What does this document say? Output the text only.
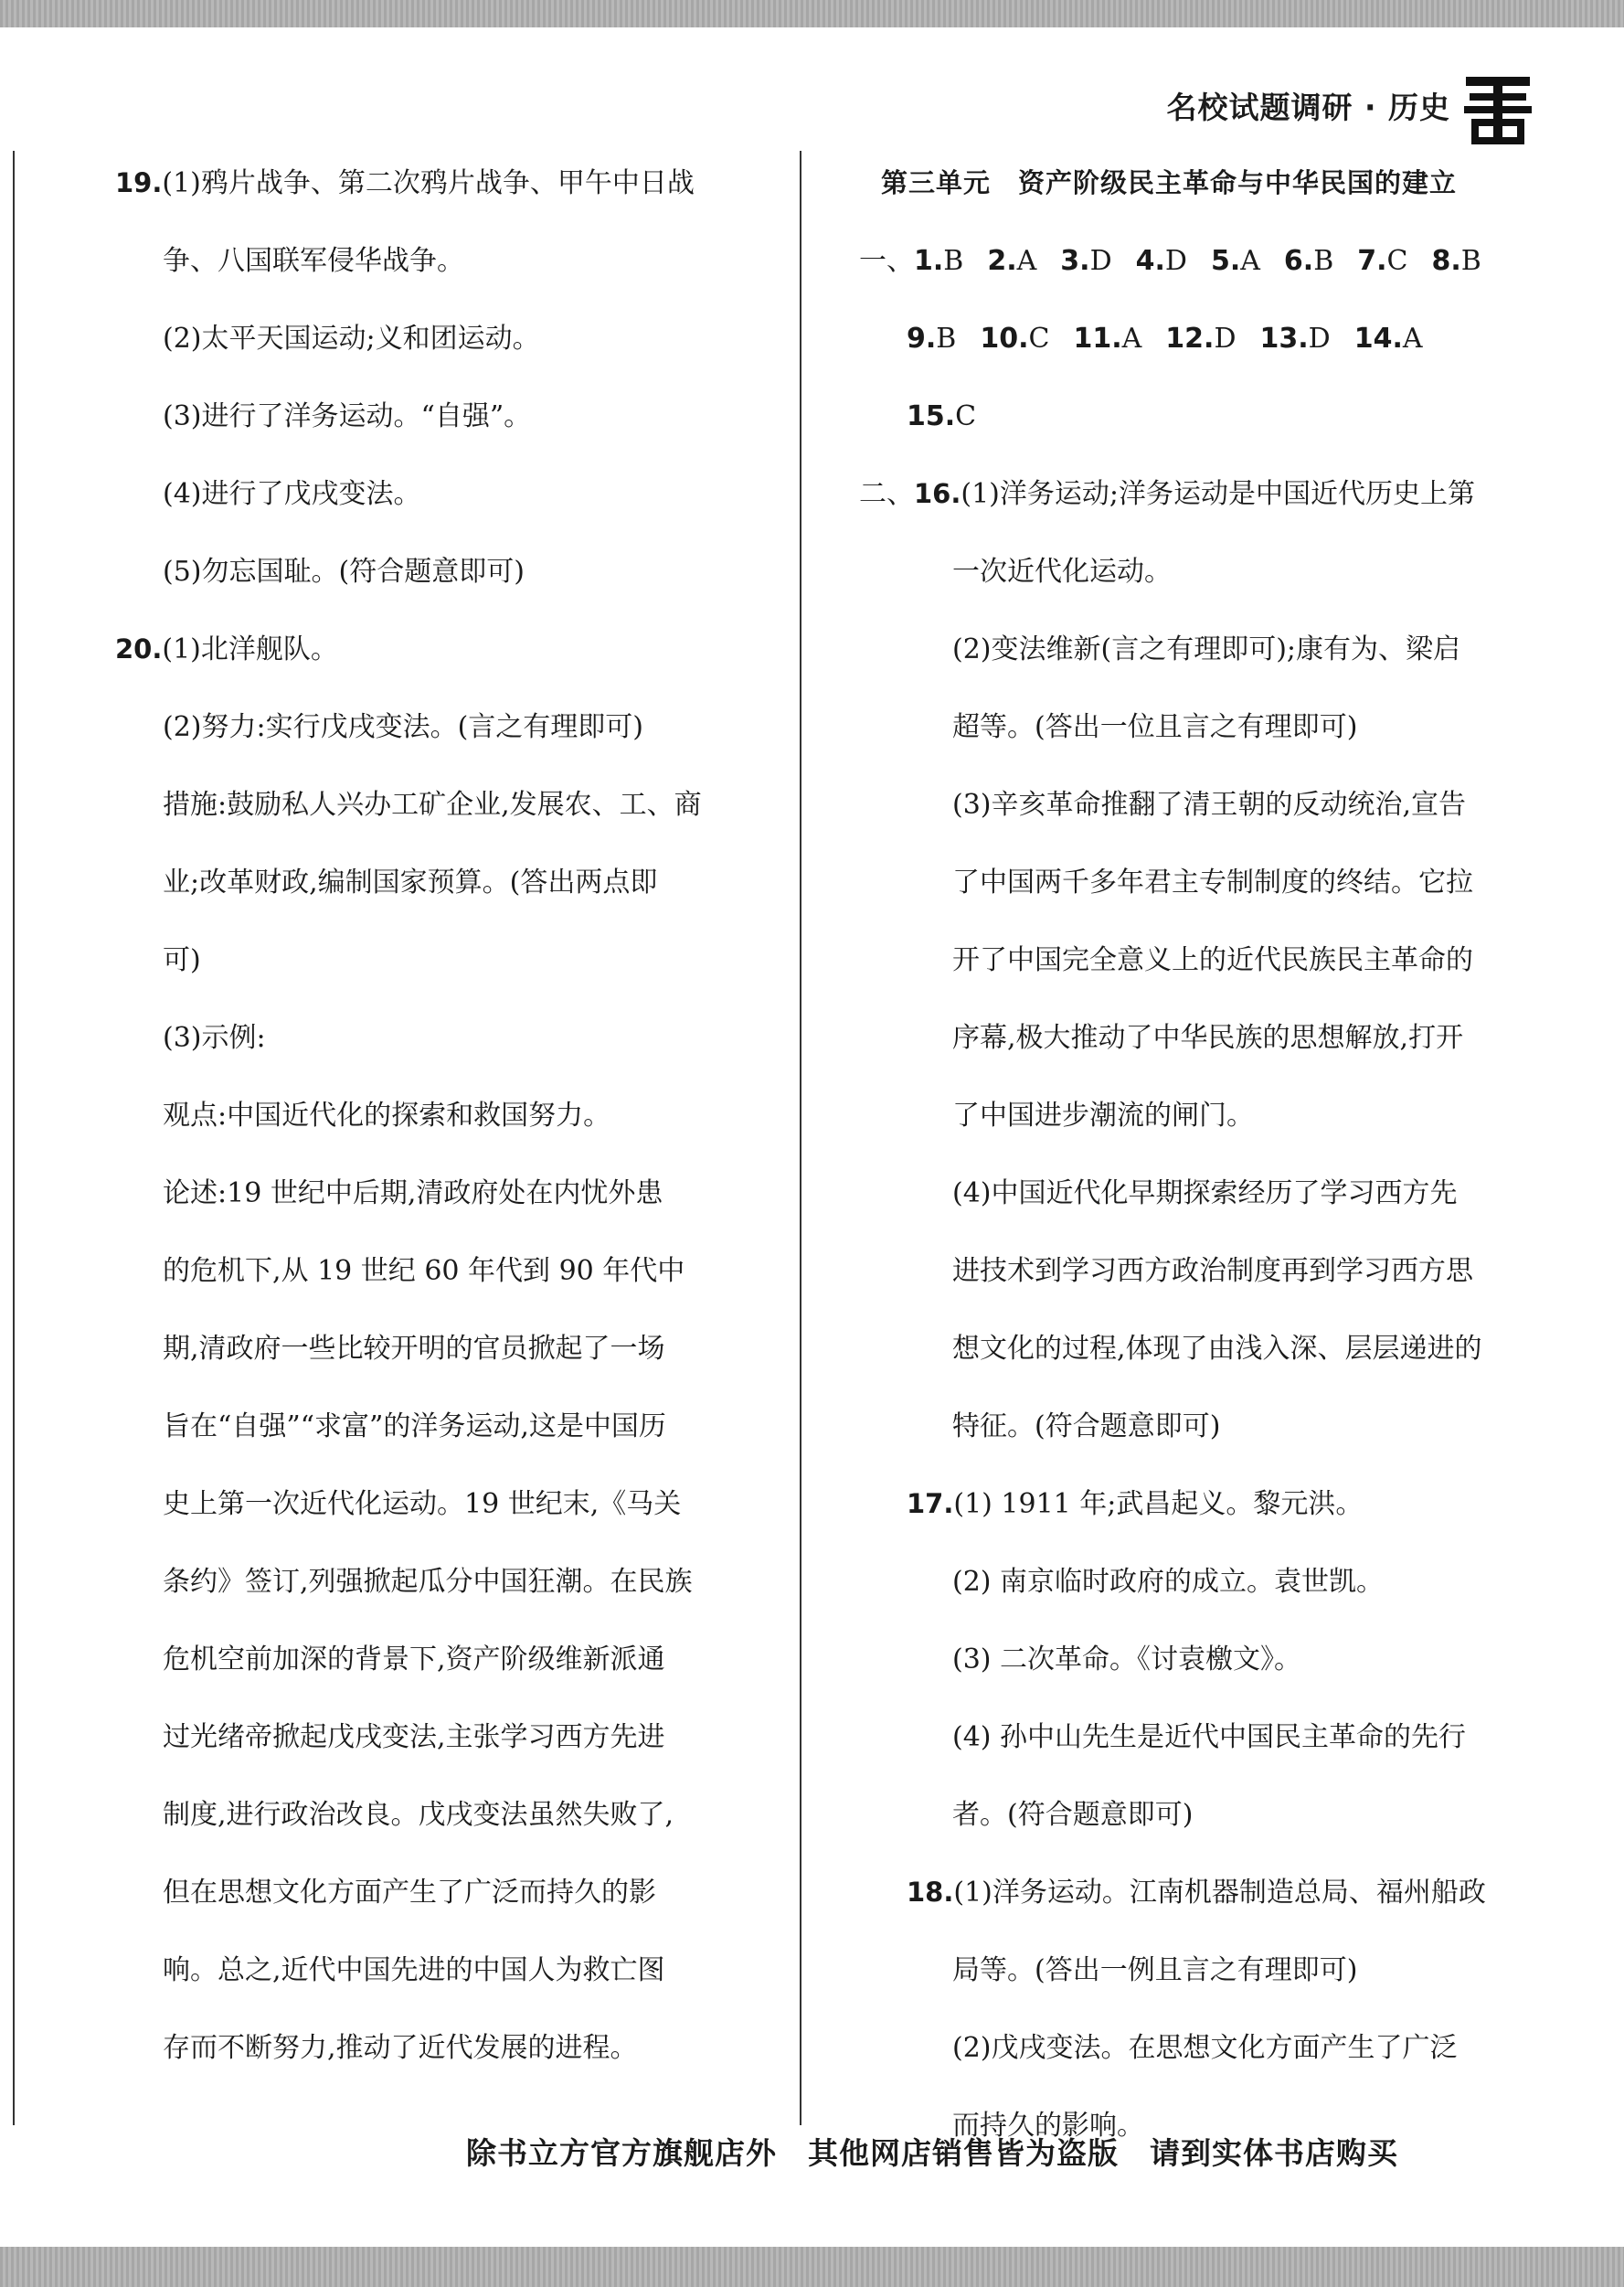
名校试题调研 · 历史
19.(1)鸦片战争、第二次鸦片战争、甲午中日战
争、八国联军侵华战争。
(2)太平天国运动;义和团运动。
(3)进行了洋务运动。“自强”。
(4)进行了戊戌变法。
(5)勿忘国耻。(符合题意即可)
20.(1)北洋舰队。
(2)努力:实行戊戌变法。(言之有理即可)
措施:鼓励私人兴办工矿企业,发展农、工、商
业;改革财政,编制国家预算。(答出两点即
可)
(3)示例:
观点:中国近代化的探索和救国努力。
论述:19 世纪中后期,清政府处在内忧外患
的危机下,从 19 世纪 60 年代到 90 年代中
期,清政府一些比较开明的官员掀起了一场
旨在“自强”“求富”的洋务运动,这是中国历
史上第一次近代化运动。19 世纪末,《马关
条约》签订,列强掀起瓜分中国狂潮。在民族
危机空前加深的背景下,资产阶级维新派通
过光绪帝掀起戊戌变法,主张学习西方先进
制度,进行政治改良。戊戌变法虽然失败了,
但在思想文化方面产生了广泛而持久的影
响。总之,近代中国先进的中国人为救亡图
存而不断努力,推动了近代发展的进程。
第三单元　资产阶级民主革命与中华民国的建立
一、1.B 2.A 3.D 4.D 5.A 6.B 7.C 8.B
9.B 10.C 11.A 12.D 13.D 14.A
15.C
二、16.(1)洋务运动;洋务运动是中国近代历史上第
一次近代化运动。
(2)变法维新(言之有理即可);康有为、梁启
超等。(答出一位且言之有理即可)
(3)辛亥革命推翻了清王朝的反动统治,宣告
了中国两千多年君主专制制度的终结。它拉
开了中国完全意义上的近代民族民主革命的
序幕,极大推动了中华民族的思想解放,打开
了中国进步潮流的闸门。
(4)中国近代化早期探索经历了学习西方先
进技术到学习西方政治制度再到学习西方思
想文化的过程,体现了由浅入深、层层递进的
特征。(符合题意即可)
17.(1) 1911 年;武昌起义。黎元洪。
(2) 南京临时政府的成立。袁世凯。
(3) 二次革命。《讨袁檄文》。
(4) 孙中山先生是近代中国民主革命的先行
者。(符合题意即可)
18.(1)洋务运动。江南机器制造总局、福州船政
局等。(答出一例且言之有理即可)
(2)戊戌变法。在思想文化方面产生了广泛
而持久的影响。
除书立方官方旗舰店外　其他网店销售皆为盗版　请到实体书店购买
